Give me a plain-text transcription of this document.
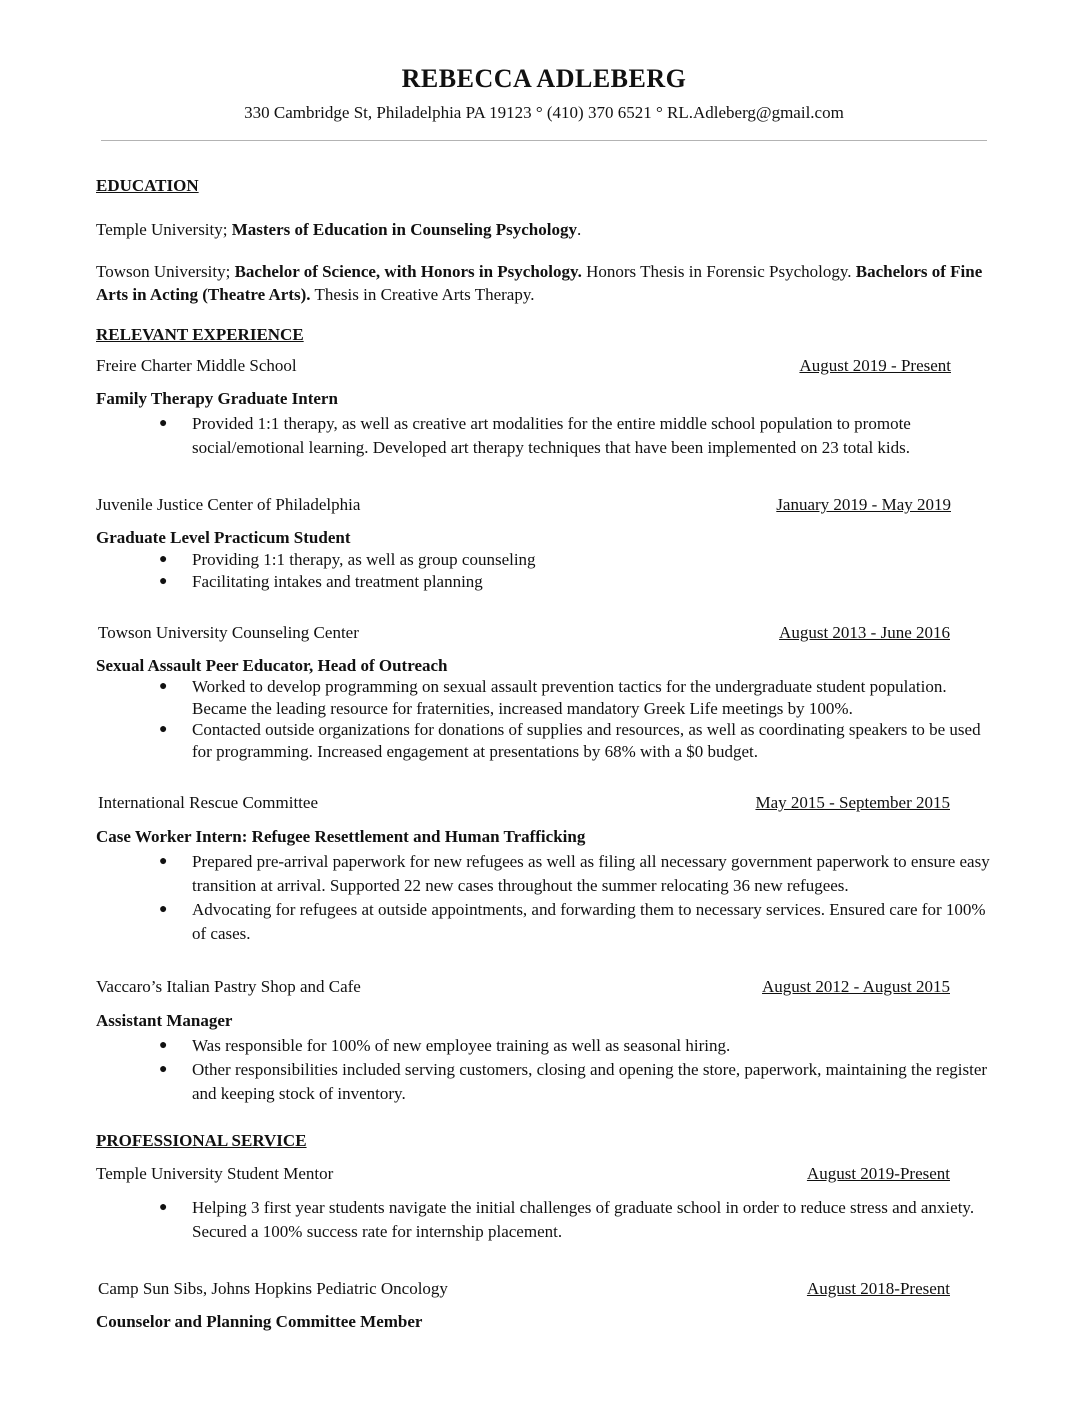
REBECCA ADLEBERG
330 Cambridge St, Philadelphia PA 19123 ° (410) 370 6521 ° RL.Adleberg@gmail.com
EDUCATION
Temple University; Masters of Education in Counseling Psychology.
Towson University; Bachelor of Science, with Honors in Psychology. Honors Thesis in Forensic Psychology. Bachelors of Fine Arts in Acting (Theatre Arts). Thesis in Creative Arts Therapy.
RELEVANT EXPERIENCE
Freire Charter Middle School	August 2019 - Present
Family Therapy Graduate Intern
● Provided 1:1 therapy, as well as creative art modalities for the entire middle school population to promote social/emotional learning. Developed art therapy techniques that have been implemented on 23 total kids.
Juvenile Justice Center of Philadelphia	January 2019 - May 2019
Graduate Level Practicum Student
● Providing 1:1 therapy, as well as group counseling
● Facilitating intakes and treatment planning
Towson University Counseling Center	August 2013 - June 2016
Sexual Assault Peer Educator, Head of Outreach
● Worked to develop programming on sexual assault prevention tactics for the undergraduate student population. Became the leading resource for fraternities, increased mandatory Greek Life meetings by 100%.
● Contacted outside organizations for donations of supplies and resources, as well as coordinating speakers to be used for programming. Increased engagement at presentations by 68% with a $0 budget.
International Rescue Committee	May 2015 - September 2015
Case Worker Intern: Refugee Resettlement and Human Trafficking
● Prepared pre-arrival paperwork for new refugees as well as filing all necessary government paperwork to ensure easy transition at arrival. Supported 22 new cases throughout the summer relocating 36 new refugees.
● Advocating for refugees at outside appointments, and forwarding them to necessary services. Ensured care for 100% of cases.
Vaccaro’s Italian Pastry Shop and Cafe	August 2012 - August 2015
Assistant Manager
● Was responsible for 100% of new employee training as well as seasonal hiring.
● Other responsibilities included serving customers, closing and opening the store, paperwork, maintaining the register and keeping stock of inventory.
PROFESSIONAL SERVICE
Temple University Student Mentor	August 2019-Present
● Helping 3 first year students navigate the initial challenges of graduate school in order to reduce stress and anxiety. Secured a 100% success rate for internship placement.
Camp Sun Sibs, Johns Hopkins Pediatric Oncology	August 2018-Present
Counselor and Planning Committee Member
